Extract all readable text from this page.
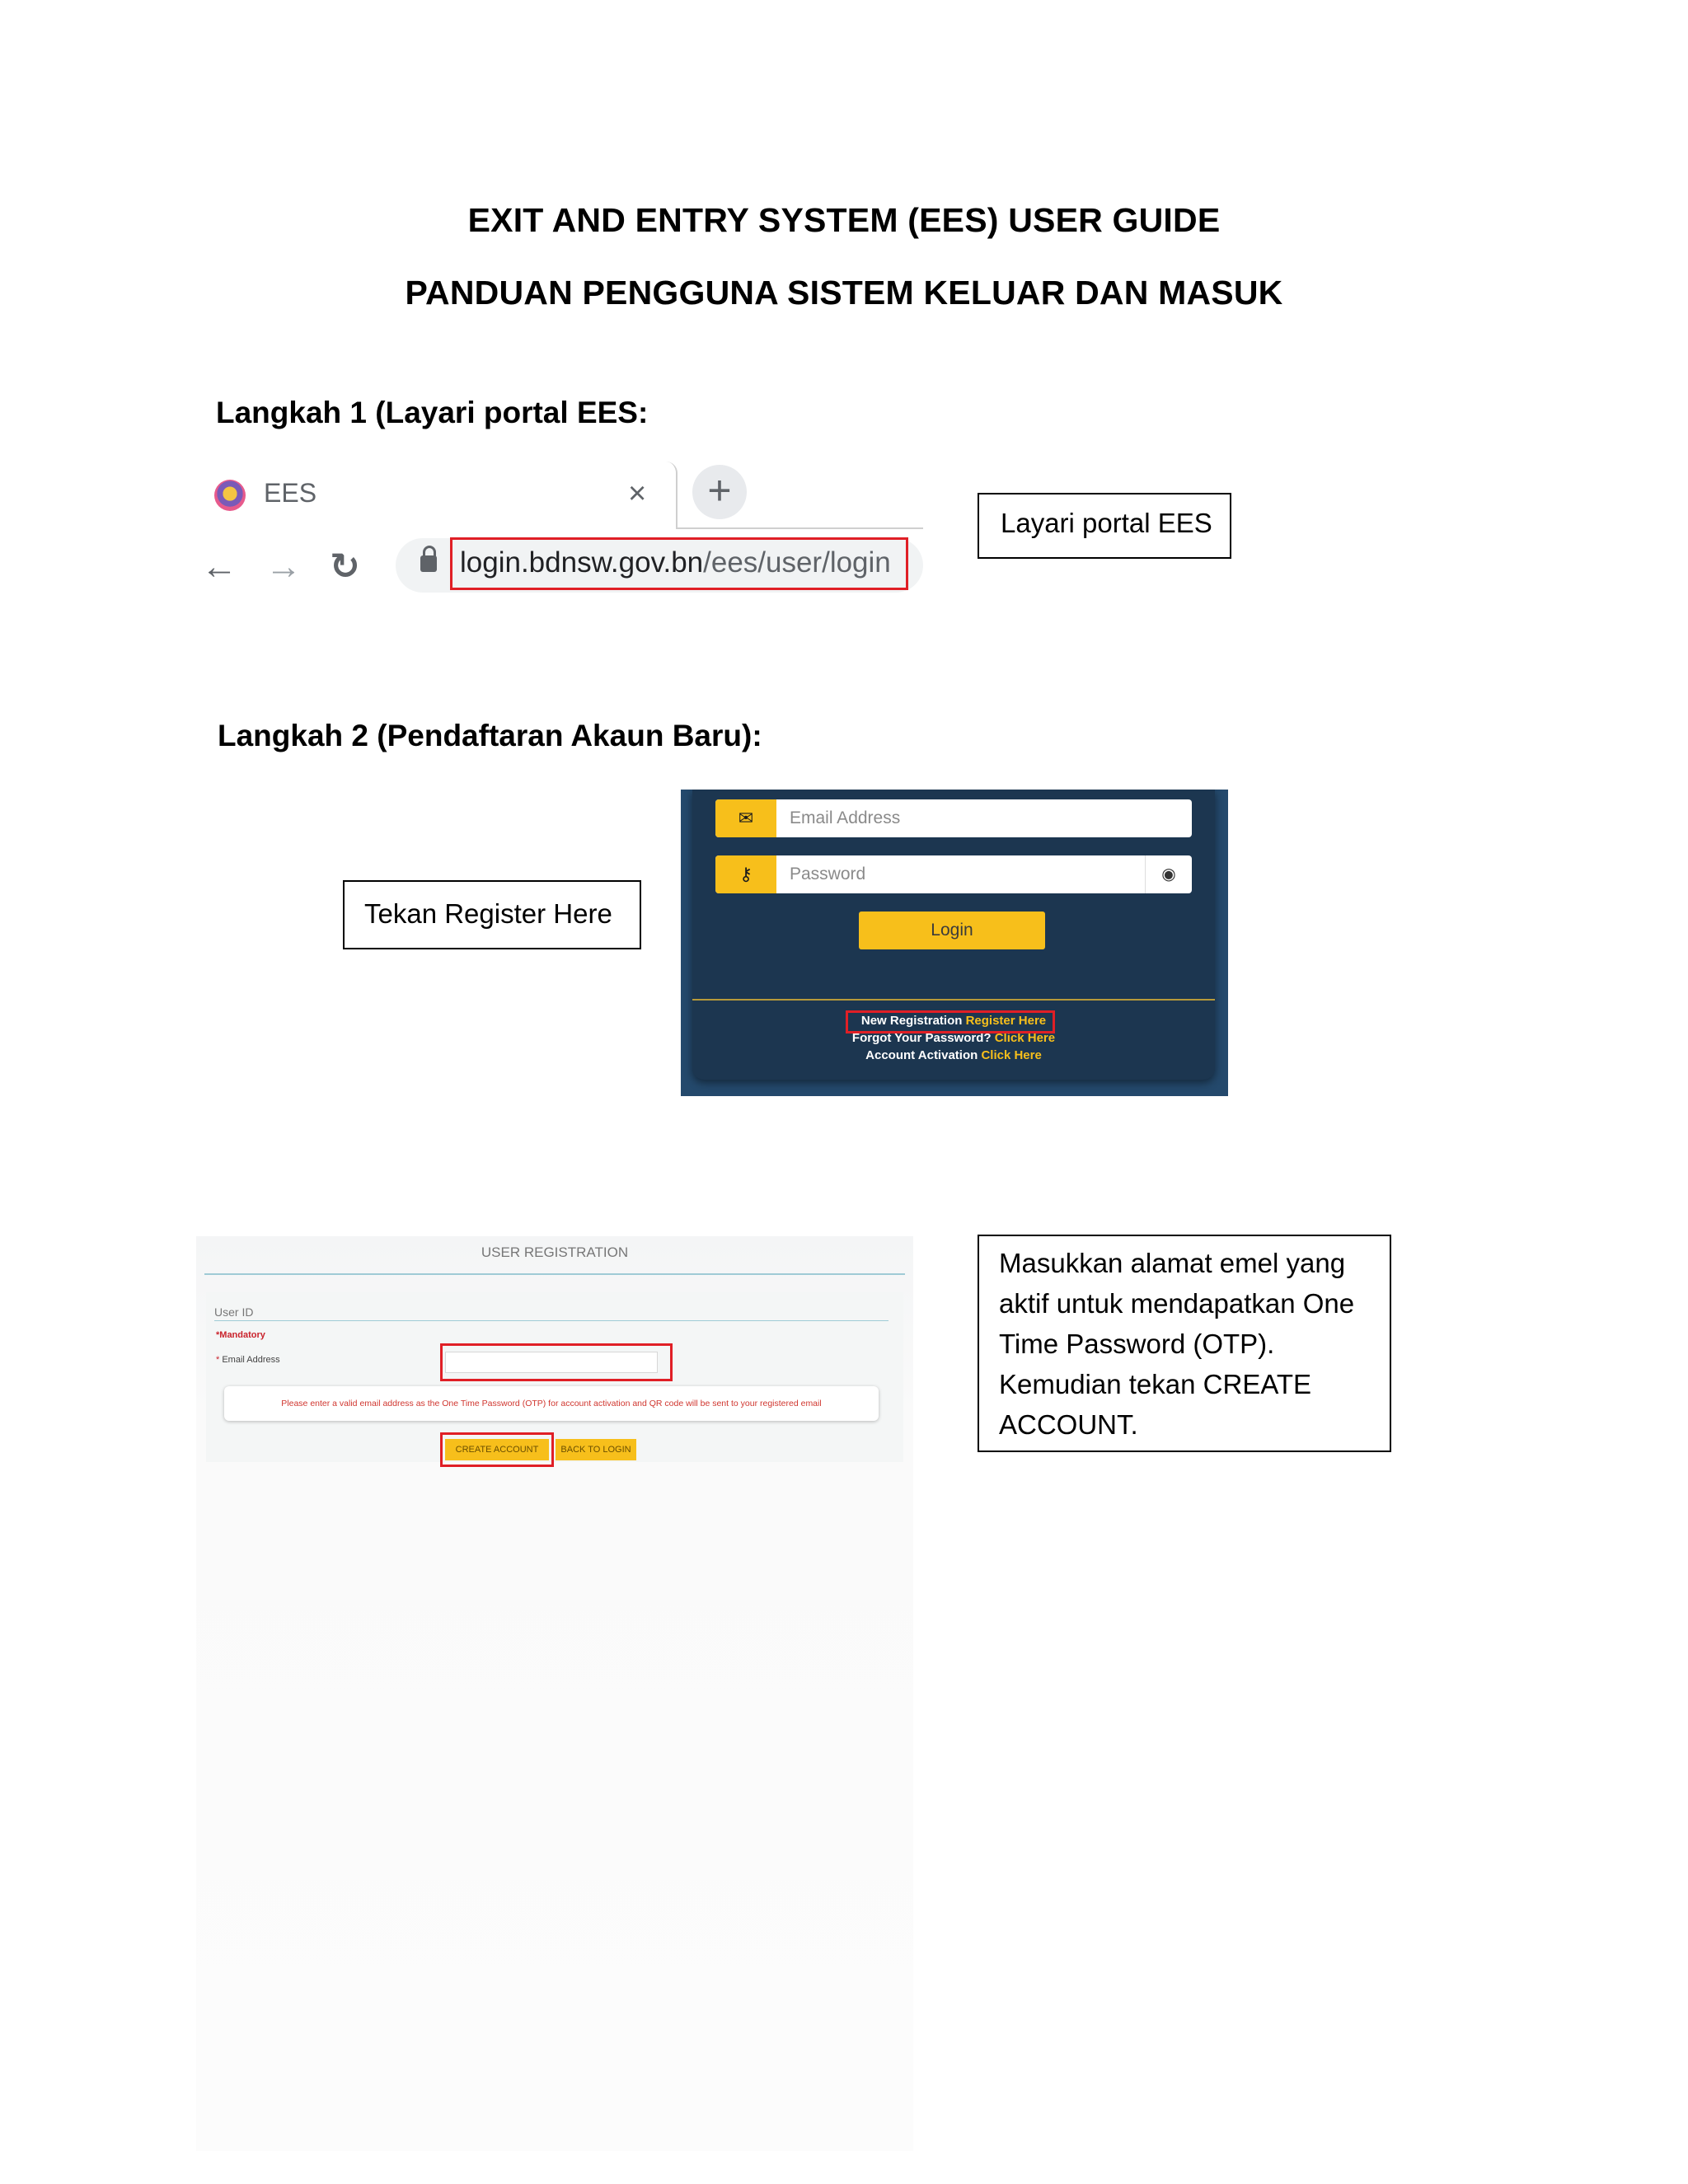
EXIT AND ENTRY SYSTEM (EES) USER GUIDE
PANDUAN PENGGUNA SISTEM KELUAR DAN MASUK
Langkah 1 (Layari portal EES:
EES	×	+
← → ↻	login.bdnsw.gov.bn/ees/user/login
Layari portal EES
Langkah 2 (Pendaftaran Akaun Baru):
Tekan Register Here
✉	Email Address
⚷	Password	◉
Login
New Registration Register Here
Forgot Your Password? Click Here
Account Activation Click Here
USER REGISTRATION
User ID
*Mandatory
* Email Address
Please enter a valid email address as the One Time Password (OTP) for account activation and QR code will be sent to your registered email
CREATE ACCOUNT	BACK TO LOGIN
Masukkan alamat emel yang
aktif untuk mendapatkan One
Time Password (OTP).
Kemudian tekan CREATE
ACCOUNT.
